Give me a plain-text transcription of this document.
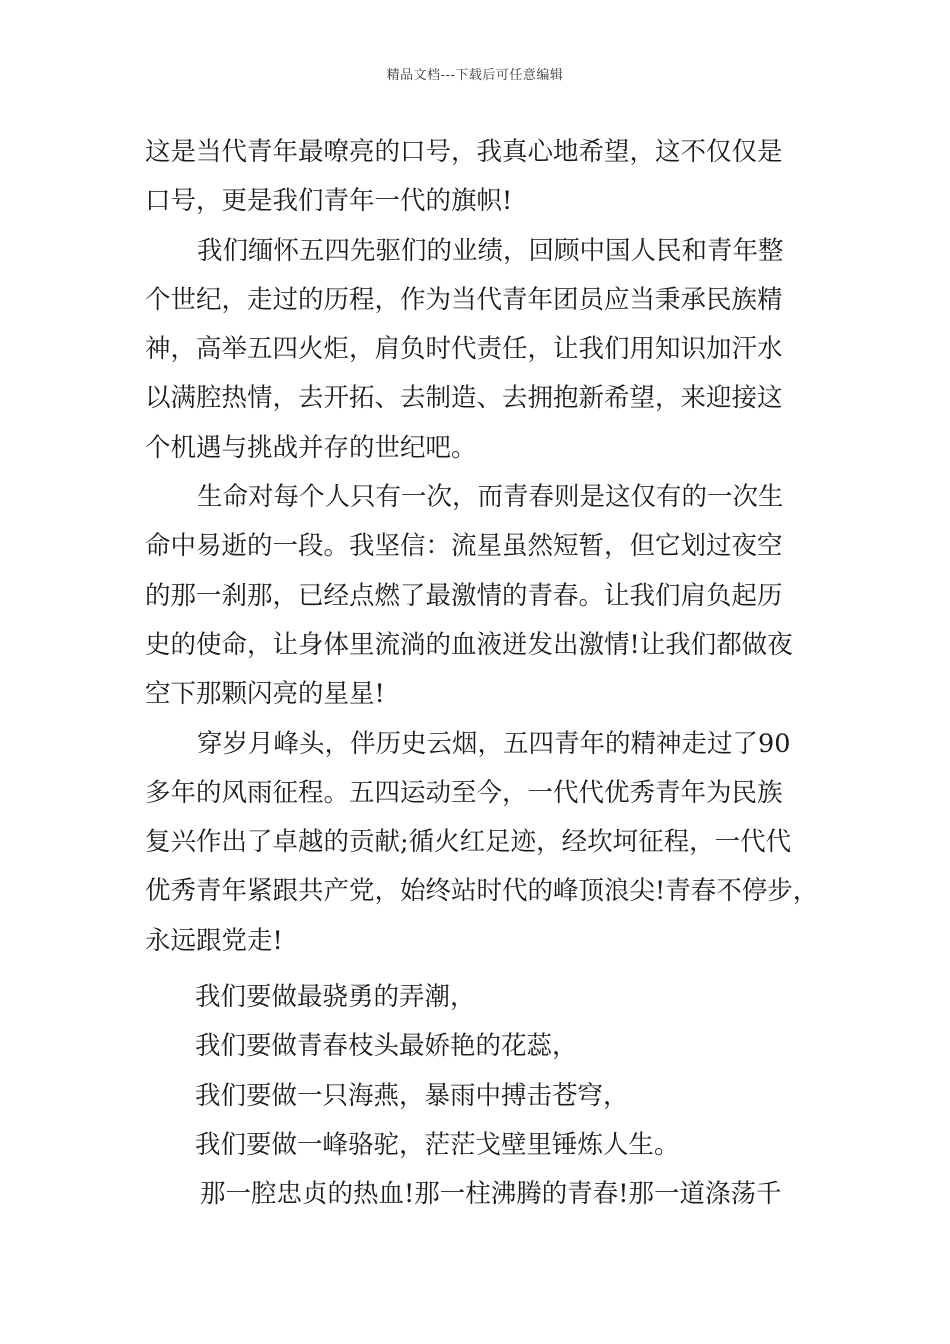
精品文档---下载后可任意编辑
这是当代青年最嘹亮的口号，我真心地希望，这不仅仅是
口号，更是我们青年一代的旗帜!
我们缅怀五四先驱们的业绩，回顾中国人民和青年整
个世纪，走过的历程，作为当代青年团员应当秉承民族精
神，高举五四火炬，肩负时代责任，让我们用知识加汗水
以满腔热情，去开拓、去制造、去拥抱新希望，来迎接这
个机遇与挑战并存的世纪吧。
生命对每个人只有一次，而青春则是这仅有的一次生
命中易逝的一段。我坚信：流星虽然短暂，但它划过夜空
的那一刹那，已经点燃了最激情的青春。让我们肩负起历
史的使命，让身体里流淌的血液迸发出激情!让我们都做夜
空下那颗闪亮的星星!
穿岁月峰头，伴历史云烟，五四青年的精神走过了90
多年的风雨征程。五四运动至今，一代代优秀青年为民族
复兴作出了卓越的贡献;循火红足迹，经坎坷征程，一代代
优秀青年紧跟共产党，始终站时代的峰顶浪尖!青春不停步，
永远跟党走!
我们要做最骁勇的弄潮，
我们要做青春枝头最娇艳的花蕊，
我们要做一只海燕，暴雨中搏击苍穹，
我们要做一峰骆驼，茫茫戈壁里锤炼人生。
那一腔忠贞的热血!那一柱沸腾的青春!那一道涤荡千
